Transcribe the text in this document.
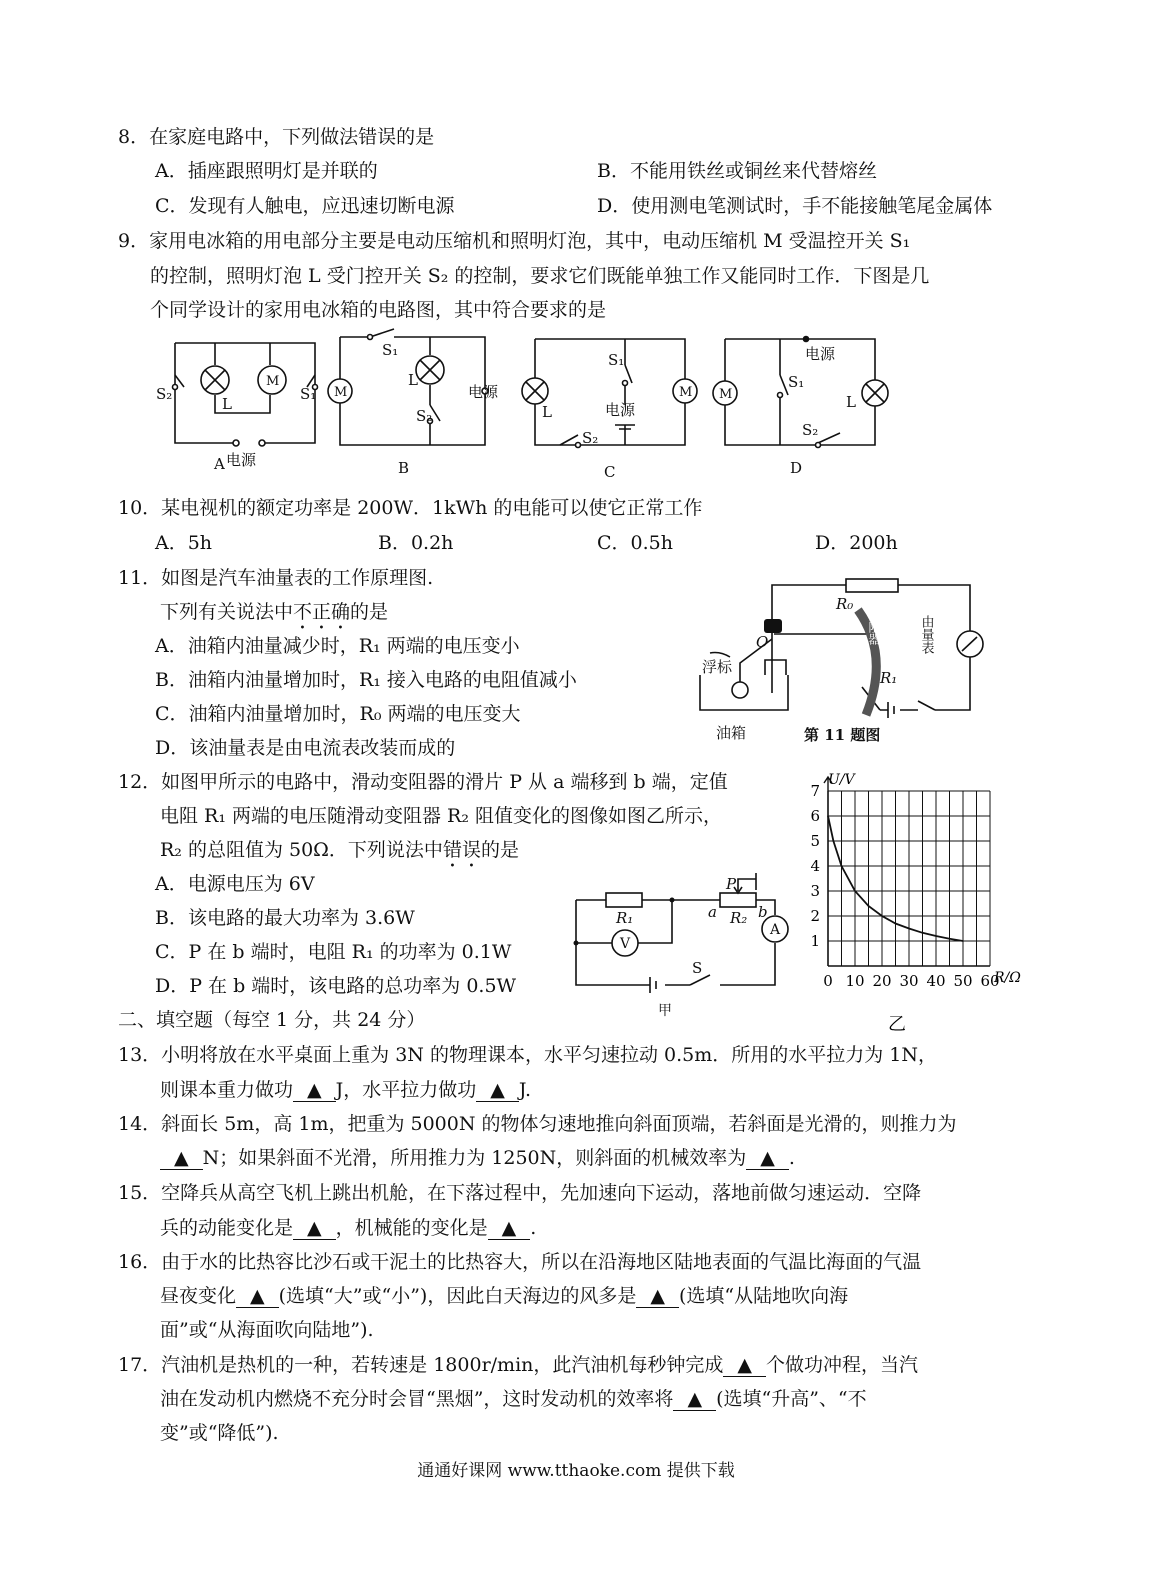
8．在家庭电路中，下列做法错误的是
A．插座跟照明灯是并联的	B．不能用铁丝或铜丝来代替熔丝
C．发现有人触电，应迅速切断电源	D．使用测电笔测试时，手不能接触笔尾金属体
9．家用电冰箱的用电部分主要是电动压缩机和照明灯泡，其中，电动压缩机 M 受温控开关 S₁
的控制，照明灯泡 L 受门控开关 S₂ 的控制，要求它们既能单独工作又能同时工作．下图是几
个同学设计的家用电冰箱的电路图，其中符合要求的是
S₂
L
M
S₁
A 电源
M
S₁
L
S₂
电源
B
L
S₁
电源
S₂
M
C
M
S₁
电源
L
S₂
D
10．某电视机的额定功率是 200W．1kWh 的电能可以使它正常工作
A．5h	B．0.2h	C．0.5h	D．200h
11．如图是汽车油量表的工作原理图.
下列有关说法中不正确的是
A．油箱内油量减少时，R₁ 两端的电压变小
B．油箱内油量增加时，R₁ 接入电路的电阻值减小
C．油箱内油量增加时，R₀ 两端的电压变大
D．该油量表是由电流表改装而成的
R₀
R₁
O
浮标
油箱	第 11 题图
由量表
变阻器
12．如图甲所示的电路中，滑动变阻器的滑片 P 从 a 端移到 b 端，定值
电阻 R₁ 两端的电压随滑动变阻器 R₂ 阻值变化的图像如图乙所示，
R₂ 的总阻值为 50Ω．下列说法中错误的是
A．电源电压为 6V
B．该电路的最大功率为 3.6W
C．P 在 b 端时，电阻 R₁ 的功率为 0.1W
D．P 在 b 端时，该电路的总功率为 0.5W
R₁	R₂
P
a	b
S
V
A
甲
0 10 20 30 40 50 60
1
2
3
4
5
6
7
U/V
R/Ω
乙
二、填空题（每空 1 分，共 24 分）
13．小明将放在水平桌面上重为 3N 的物理课本，水平匀速拉动 0.5m．所用的水平拉力为 1N，
则课本重力做功 ▲ J，水平拉力做功 ▲ J.
14．斜面长 5m，高 1m，把重为 5000N 的物体匀速地推向斜面顶端，若斜面是光滑的，则推力为
▲ N；如果斜面不光滑，所用推力为 1250N，则斜面的机械效率为 ▲ .
15．空降兵从高空飞机上跳出机舱，在下落过程中，先加速向下运动，落地前做匀速运动．空降
兵的动能变化是 ▲ ，机械能的变化是 ▲ .
16．由于水的比热容比沙石或干泥土的比热容大，所以在沿海地区陆地表面的气温比海面的气温
昼夜变化 ▲ (选填“大”或“小”)，因此白天海边的风多是 ▲ (选填“从陆地吹向海
面”或“从海面吹向陆地”).
17．汽油机是热机的一种，若转速是 1800r/min，此汽油机每秒钟完成 ▲ 个做功冲程，当汽
油在发动机内燃烧不充分时会冒“黑烟”，这时发动机的效率将 ▲ (选填“升高”、“不
变”或“降低”).
通通好课网 www.tthaoke.com 提供下载
